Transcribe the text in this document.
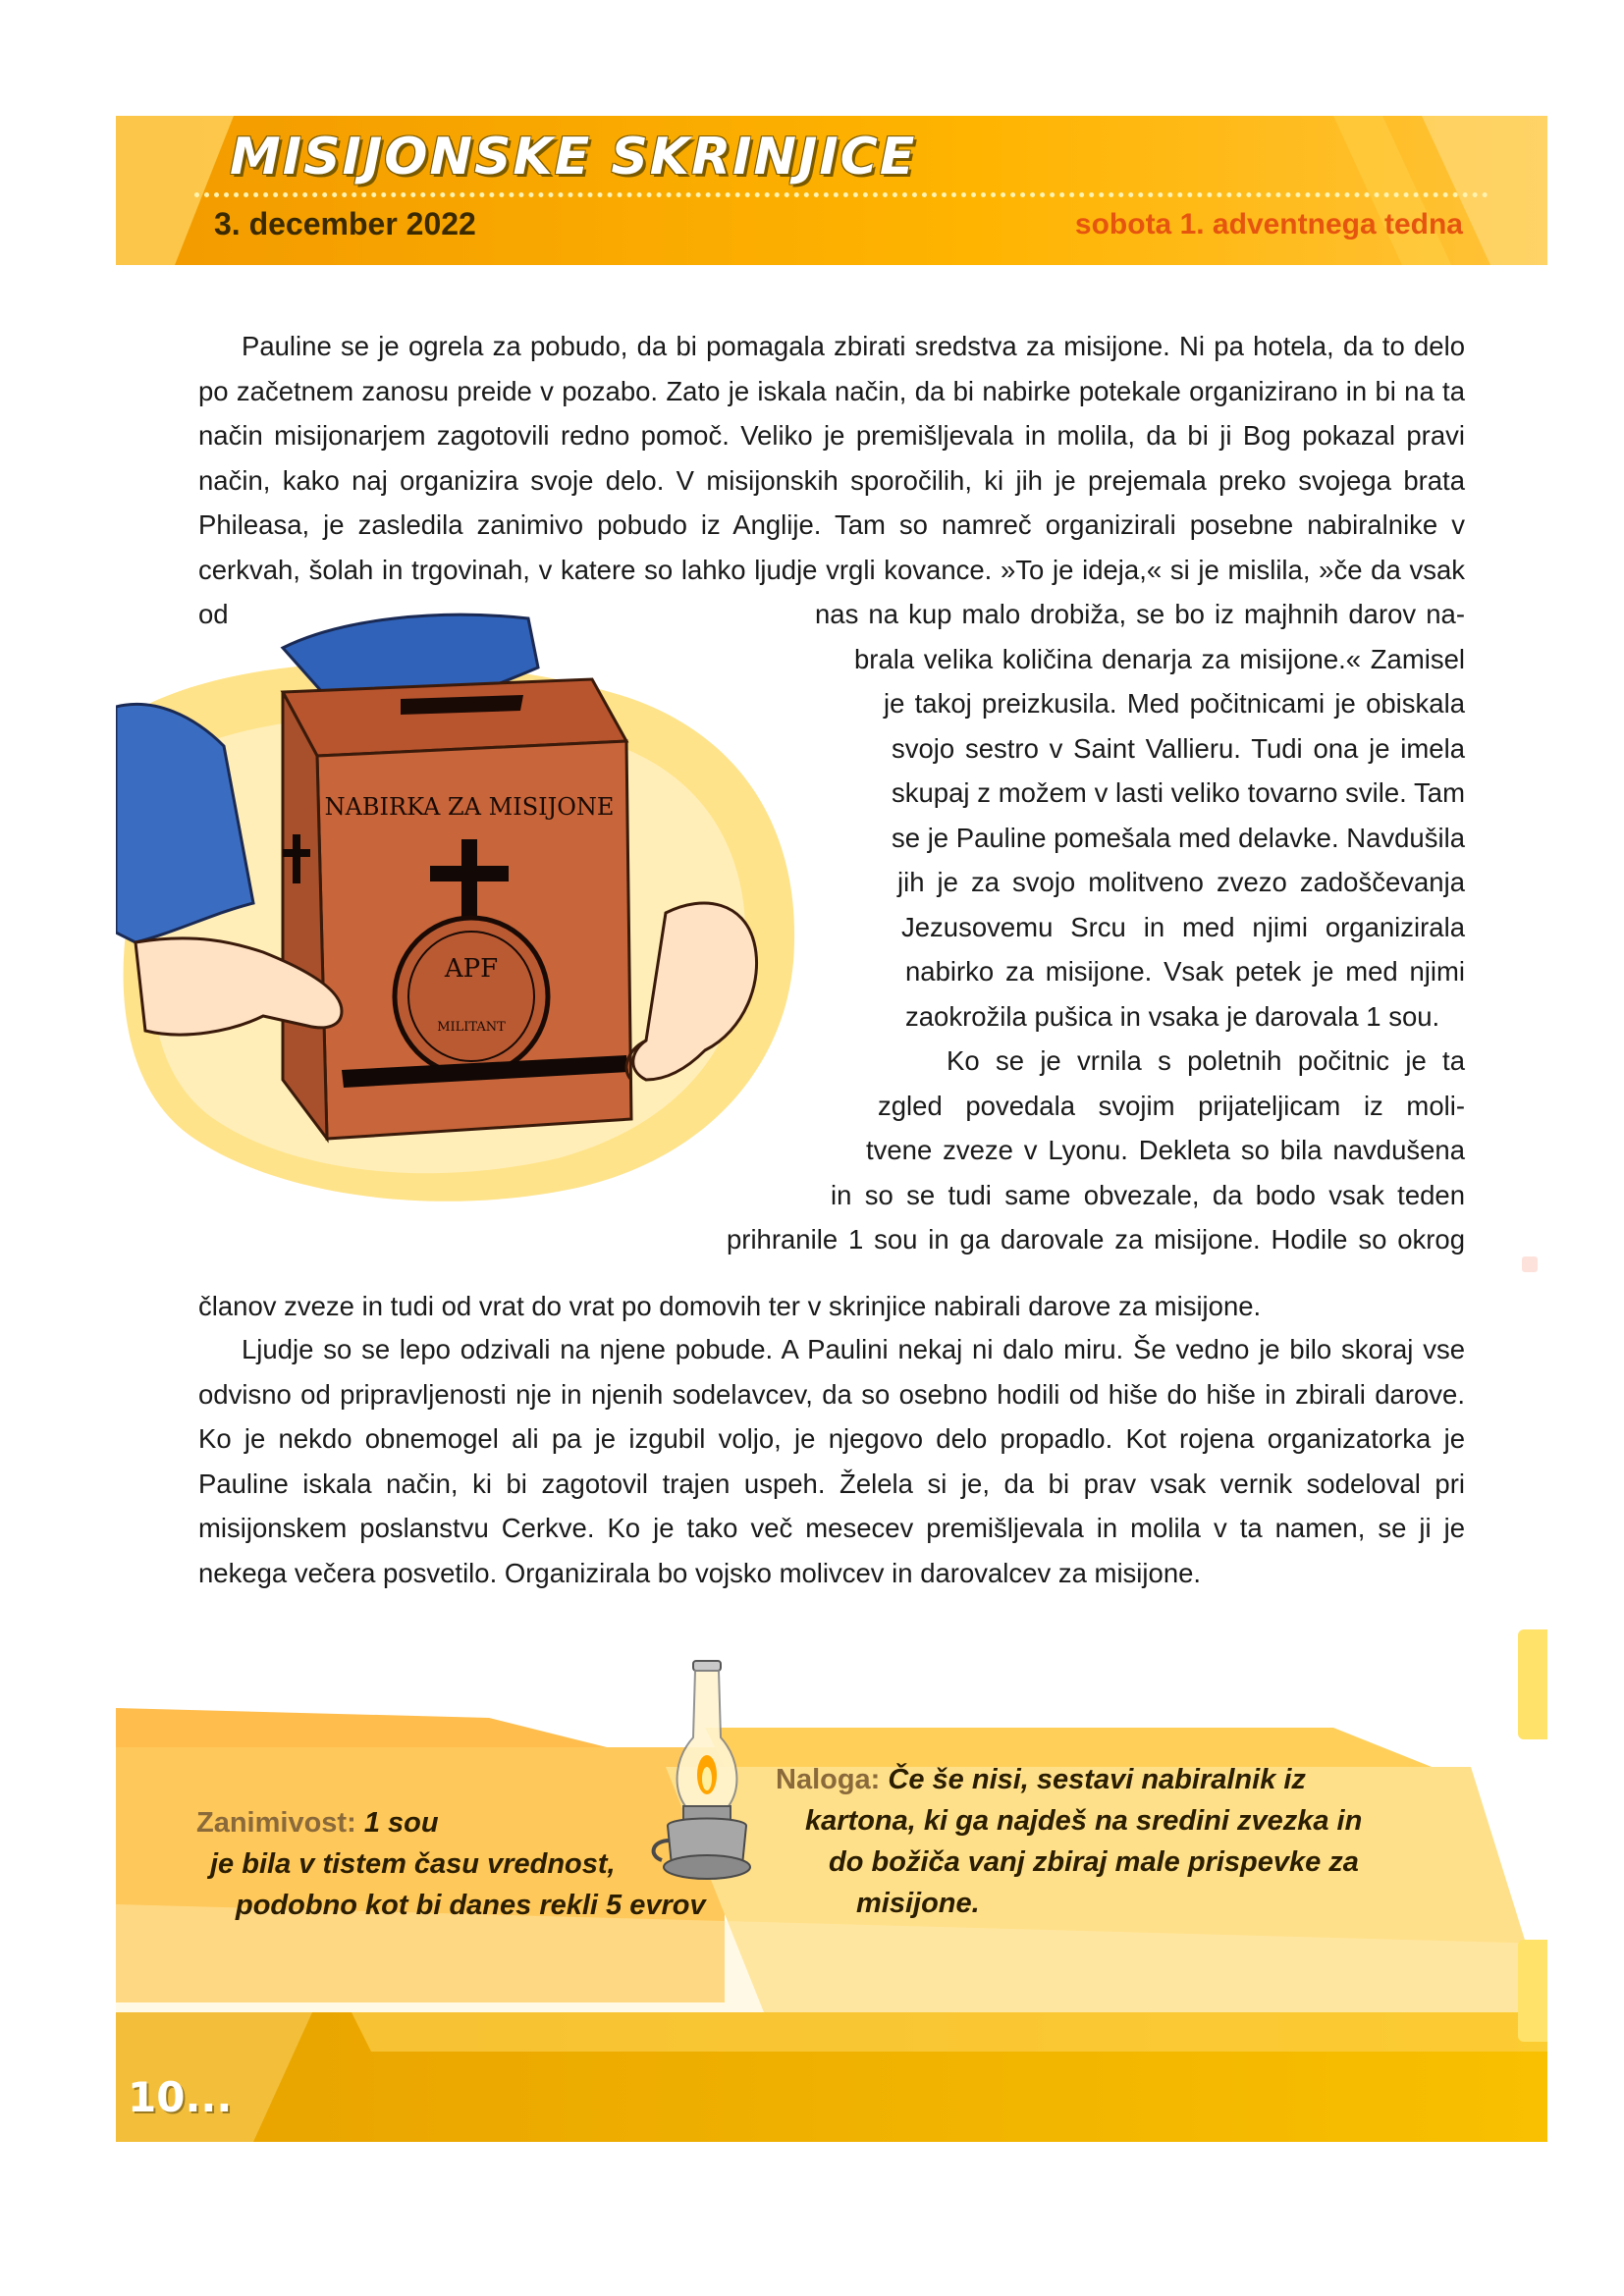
MISIJONSKE SKRINJICE
3. december 2022	sobota 1. adventnega tedna

Pauline se je ogrela za pobudo, da bi pomagala zbirati sredstva za misijone. Ni pa hotela, da to delo po začetnem zanosu preide v pozabo. Zato je iskala način, da bi nabirke potekale organizirano in bi na ta način misijonarjem zagotovili redno pomoč. Veliko je premišljevala in molila, da bi ji Bog pokazal pravi način, kako naj organizira svoje delo. V misijonskih sporočilih, ki jih je prejemala preko svojega brata Phileasa, je zasledila zanimivo pobudo iz Anglije. Tam so namreč organizirali posebne nabiralnike v cerkvah, šolah in trgovinah, v katere so lahko ljudje vrgli kovance. »To je ideja,« si je mislila, »če da vsak od	nas na kup malo drobiža, se bo iz majhnih darov na-
brala velika količina denarja za misijone.« Zamisel
je takoj preizkusila. Med počitnicami je obiskala
svojo sestro v Saint Vallieru. Tudi ona je imela
skupaj z možem v lasti veliko tovarno svile. Tam
se je Pauline pomešala med delavke. Navdušila
jih je za svojo molitveno zvezo zadoščevanja
Jezusovemu Srcu in med njimi organizirala
nabirko za misijone. Vsak petek je med njimi
zaokrožila pušica in vsaka je darovala 1 sou.
Ko se je vrnila s poletnih počitnic je ta
zgled povedala svojim prijateljicam iz moli-
tvene zveze v Lyonu. Dekleta so bila navdušena
in so se tudi same obvezale, da bodo vsak teden
prihranile 1 sou in ga darovale za misijone. Hodile so okrog

članov zveze in tudi od vrat do vrat po domovih ter v skrinjice nabirali darove za misijone.

Ljudje so se lepo odzivali na njene pobude. A Paulini nekaj ni dalo miru. Še vedno je bilo skoraj vse odvisno od pripravljenosti nje in njenih sodelavcev, da so osebno hodili od hiše do hiše in zbirali darove. Ko je nekdo obnemogel ali pa je izgubil voljo, je njegovo delo propadlo. Kot rojena organizatorka je Pauline iskala način, ki bi zagotovil trajen uspeh. Želela si je, da bi prav vsak vernik sodeloval pri misijonskem poslanstvu Cerkve. Ko je tako več mesecev premišljevala in molila v ta namen, se ji je nekega večera posvetilo. Organizirala bo vojsko molivcev in darovalcev za misijone.

NABIRKA ZA MISIJONE
APF
MILITANT
Zanimivost: 1 sou
je bila v tistem času vrednost,
podobno kot bi danes rekli 5 evrov
Naloga: Če še nisi, sestavi nabiralnik iz
kartona, ki ga najdeš na sredini zvezka in
do božiča vanj zbiraj male prispevke za
misijone.
10...
